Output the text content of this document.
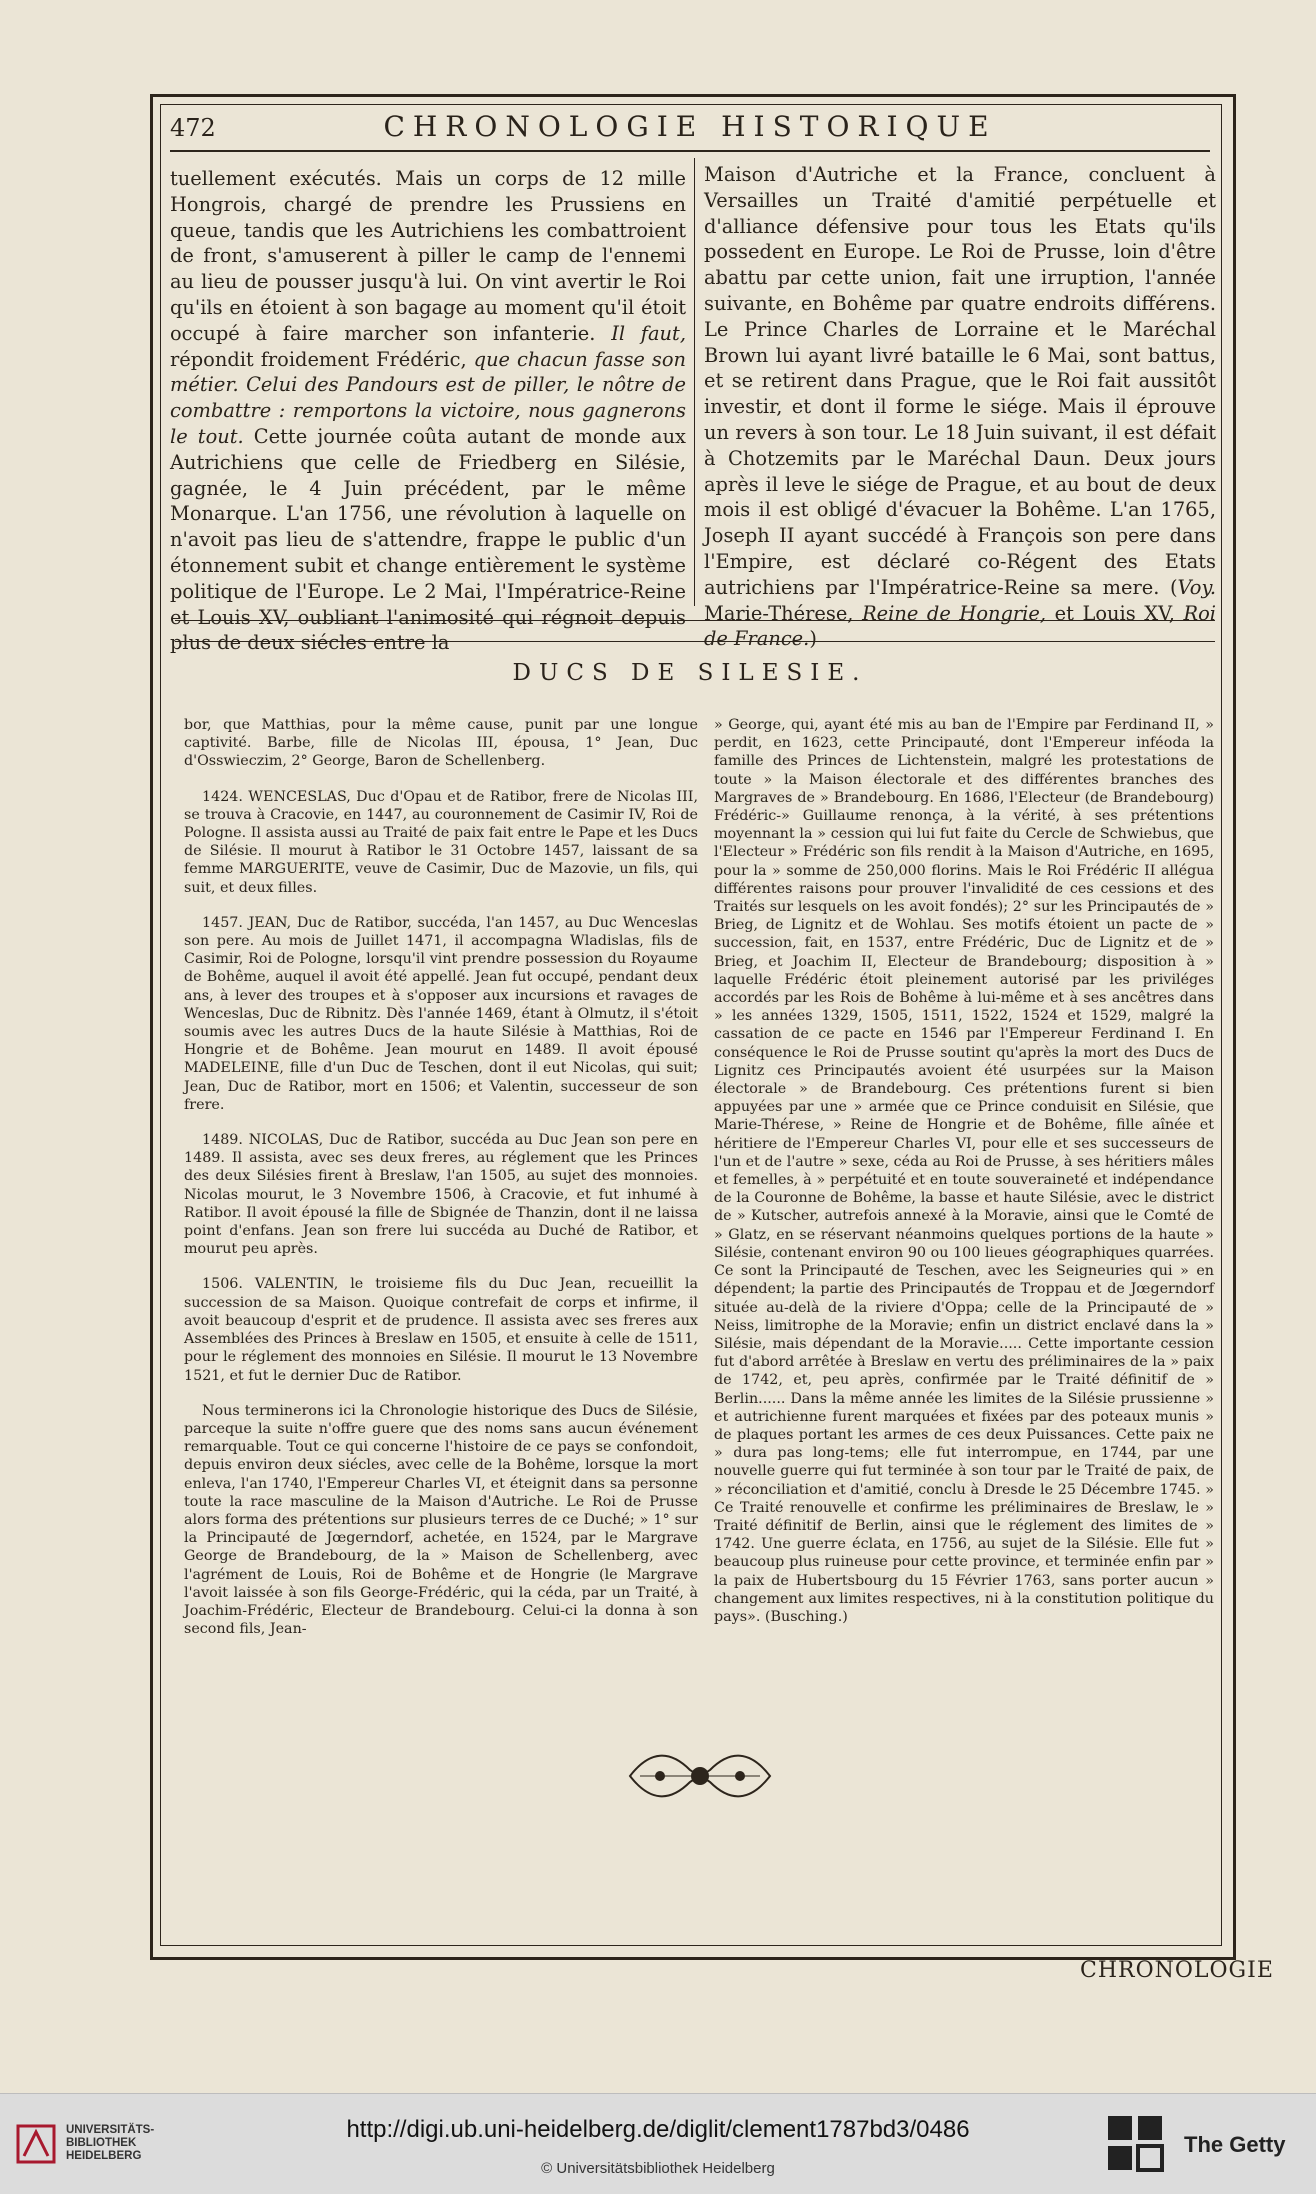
472	CHRONOLOGIE HISTORIQUE
tuellement exécutés. Mais un corps de 12 mille Hongrois, chargé de prendre les Prussiens en queue, tandis que les Autrichiens les combattroient de front, s'amuserent à piller le camp de l'ennemi au lieu de pousser jusqu'à lui. On vint avertir le Roi qu'ils en étoient à son bagage au moment qu'il étoit occupé à faire marcher son infanterie. Il faut, répondit froidement Frédéric, que chacun fasse son métier. Celui des Pandours est de piller, le nôtre de combattre : remportons la victoire, nous gagnerons le tout. Cette journée coûta autant de monde aux Autrichiens que celle de Friedberg en Silésie, gagnée, le 4 Juin précédent, par le même Monarque. L'an 1756, une révolution à laquelle on n'avoit pas lieu de s'attendre, frappe le public d'un étonnement subit et change entièrement le système politique de l'Europe. Le 2 Mai, l'Impératrice-Reine et Louis XV, oubliant l'animosité qui régnoit depuis plus de deux siécles entre la
Maison d'Autriche et la France, concluent à Versailles un Traité d'amitié perpétuelle et d'alliance défensive pour tous les Etats qu'ils possedent en Europe. Le Roi de Prusse, loin d'être abattu par cette union, fait une irruption, l'année suivante, en Bohême par quatre endroits différens. Le Prince Charles de Lorraine et le Maréchal Brown lui ayant livré bataille le 6 Mai, sont battus, et se retirent dans Prague, que le Roi fait aussitôt investir, et dont il forme le siége. Mais il éprouve un revers à son tour. Le 18 Juin suivant, il est défait à Chotzemits par le Maréchal Daun. Deux jours après il leve le siége de Prague, et au bout de deux mois il est obligé d'évacuer la Bohême. L'an 1765, Joseph II ayant succédé à François son pere dans l'Empire, est déclaré co-Régent des Etats autrichiens par l'Impératrice-Reine sa mere. (Voy. Marie-Thérese, Reine de Hongrie, et Louis XV, Roi de France.)
DUCS DE SILESIE.

bor, que Matthias, pour la même cause, punit par une longue captivité. Barbe, fille de Nicolas III, épousa, 1° Jean, Duc d'Osswieczim, 2° George, Baron de Schellenberg.

1424. WENCESLAS, Duc d'Opau et de Ratibor, frere de Nicolas III, se trouva à Cracovie, en 1447, au couronnement de Casimir IV, Roi de Pologne. Il assista aussi au Traité de paix fait entre le Pape et les Ducs de Silésie. Il mourut à Ratibor le 31 Octobre 1457, laissant de sa femme MARGUERITE, veuve de Casimir, Duc de Mazovie, un fils, qui suit, et deux filles.

1457. JEAN, Duc de Ratibor, succéda, l'an 1457, au Duc Wenceslas son pere. Au mois de Juillet 1471, il accompagna Wladislas, fils de Casimir, Roi de Pologne, lorsqu'il vint prendre possession du Royaume de Bohême, auquel il avoit été appellé. Jean fut occupé, pendant deux ans, à lever des troupes et à s'opposer aux incursions et ravages de Wenceslas, Duc de Ribnitz. Dès l'année 1469, étant à Olmutz, il s'étoit soumis avec les autres Ducs de la haute Silésie à Matthias, Roi de Hongrie et de Bohême. Jean mourut en 1489. Il avoit épousé MADELEINE, fille d'un Duc de Teschen, dont il eut Nicolas, qui suit; Jean, Duc de Ratibor, mort en 1506; et Valentin, successeur de son frere.

1489. NICOLAS, Duc de Ratibor, succéda au Duc Jean son pere en 1489. Il assista, avec ses deux freres, au réglement que les Princes des deux Silésies firent à Breslaw, l'an 1505, au sujet des monnoies. Nicolas mourut, le 3 Novembre 1506, à Cracovie, et fut inhumé à Ratibor. Il avoit épousé la fille de Sbignée de Thanzin, dont il ne laissa point d'enfans. Jean son frere lui succéda au Duché de Ratibor, et mourut peu après.

1506. VALENTIN, le troisieme fils du Duc Jean, recueillit la succession de sa Maison. Quoique contrefait de corps et infirme, il avoit beaucoup d'esprit et de prudence. Il assista avec ses freres aux Assemblées des Princes à Breslaw en 1505, et ensuite à celle de 1511, pour le réglement des monnoies en Silésie. Il mourut le 13 Novembre 1521, et fut le dernier Duc de Ratibor.

Nous terminerons ici la Chronologie historique des Ducs de Silésie, parceque la suite n'offre guere que des noms sans aucun événement remarquable. Tout ce qui concerne l'histoire de ce pays se confondoit, depuis environ deux siécles, avec celle de la Bohême, lorsque la mort enleva, l'an 1740, l'Empereur Charles VI, et éteignit dans sa personne toute la race masculine de la Maison d'Autriche. Le Roi de Prusse alors forma des prétentions sur plusieurs terres de ce Duché; » 1° sur la Principauté de Jœgerndorf, achetée, en 1524, par le Margrave George de Brandebourg, de la » Maison de Schellenberg, avec l'agrément de Louis, Roi de Bohême et de Hongrie (le Margrave l'avoit laissée à son fils George-Frédéric, qui la céda, par un Traité, à Joachim-Frédéric, Electeur de Brandebourg. Celui-ci la donna à son second fils, Jean-

» George, qui, ayant été mis au ban de l'Empire par Ferdinand II, » perdit, en 1623, cette Principauté, dont l'Empereur inféoda la famille des Princes de Lichtenstein, malgré les protestations de toute » la Maison électorale et des différentes branches des Margraves de » Brandebourg. En 1686, l'Electeur (de Brandebourg) Frédéric-» Guillaume renonça, à la vérité, à ses prétentions moyennant la » cession qui lui fut faite du Cercle de Schwiebus, que l'Electeur » Frédéric son fils rendit à la Maison d'Autriche, en 1695, pour la » somme de 250,000 florins. Mais le Roi Frédéric II allégua différentes raisons pour prouver l'invalidité de ces cessions et des Traités sur lesquels on les avoit fondés); 2° sur les Principautés de » Brieg, de Lignitz et de Wohlau. Ses motifs étoient un pacte de » succession, fait, en 1537, entre Frédéric, Duc de Lignitz et de » Brieg, et Joachim II, Electeur de Brandebourg; disposition à » laquelle Frédéric étoit pleinement autorisé par les priviléges accordés par les Rois de Bohême à lui-même et à ses ancêtres dans » les années 1329, 1505, 1511, 1522, 1524 et 1529, malgré la cassation de ce pacte en 1546 par l'Empereur Ferdinand I. En conséquence le Roi de Prusse soutint qu'après la mort des Ducs de Lignitz ces Principautés avoient été usurpées sur la Maison électorale » de Brandebourg. Ces prétentions furent si bien appuyées par une » armée que ce Prince conduisit en Silésie, que Marie-Thérese, » Reine de Hongrie et de Bohême, fille aînée et héritiere de l'Empereur Charles VI, pour elle et ses successeurs de l'un et de l'autre » sexe, céda au Roi de Prusse, à ses héritiers mâles et femelles, à » perpétuité et en toute souveraineté et indépendance de la Couronne de Bohême, la basse et haute Silésie, avec le district de » Kutscher, autrefois annexé à la Moravie, ainsi que le Comté de » Glatz, en se réservant néanmoins quelques portions de la haute » Silésie, contenant environ 90 ou 100 lieues géographiques quarrées. Ce sont la Principauté de Teschen, avec les Seigneuries qui » en dépendent; la partie des Principautés de Troppau et de Jœgerndorf située au-delà de la riviere d'Oppa; celle de la Principauté de » Neiss, limitrophe de la Moravie; enfin un district enclavé dans la » Silésie, mais dépendant de la Moravie..... Cette importante cession fut d'abord arrêtée à Breslaw en vertu des préliminaires de la » paix de 1742, et, peu après, confirmée par le Traité définitif de » Berlin...... Dans la même année les limites de la Silésie prussienne » et autrichienne furent marquées et fixées par des poteaux munis » de plaques portant les armes de ces deux Puissances. Cette paix ne » dura pas long-tems; elle fut interrompue, en 1744, par une nouvelle guerre qui fut terminée à son tour par le Traité de paix, de » réconciliation et d'amitié, conclu à Dresde le 25 Décembre 1745. » Ce Traité renouvelle et confirme les préliminaires de Breslaw, le » Traité définitif de Berlin, ainsi que le réglement des limites de » 1742. Une guerre éclata, en 1756, au sujet de la Silésie. Elle fut » beaucoup plus ruineuse pour cette province, et terminée enfin par » la paix de Hubertsbourg du 15 Février 1763, sans porter aucun » changement aux limites respectives, ni à la constitution politique du pays». (Busching.)

CHRONOLOGIE
UNIVERSITÄTS-
BIBLIOTHEK
HEIDELBERG
http://digi.ub.uni-heidelberg.de/diglit/clement1787bd3/0486
© Universitätsbibliothek Heidelberg
The Getty
